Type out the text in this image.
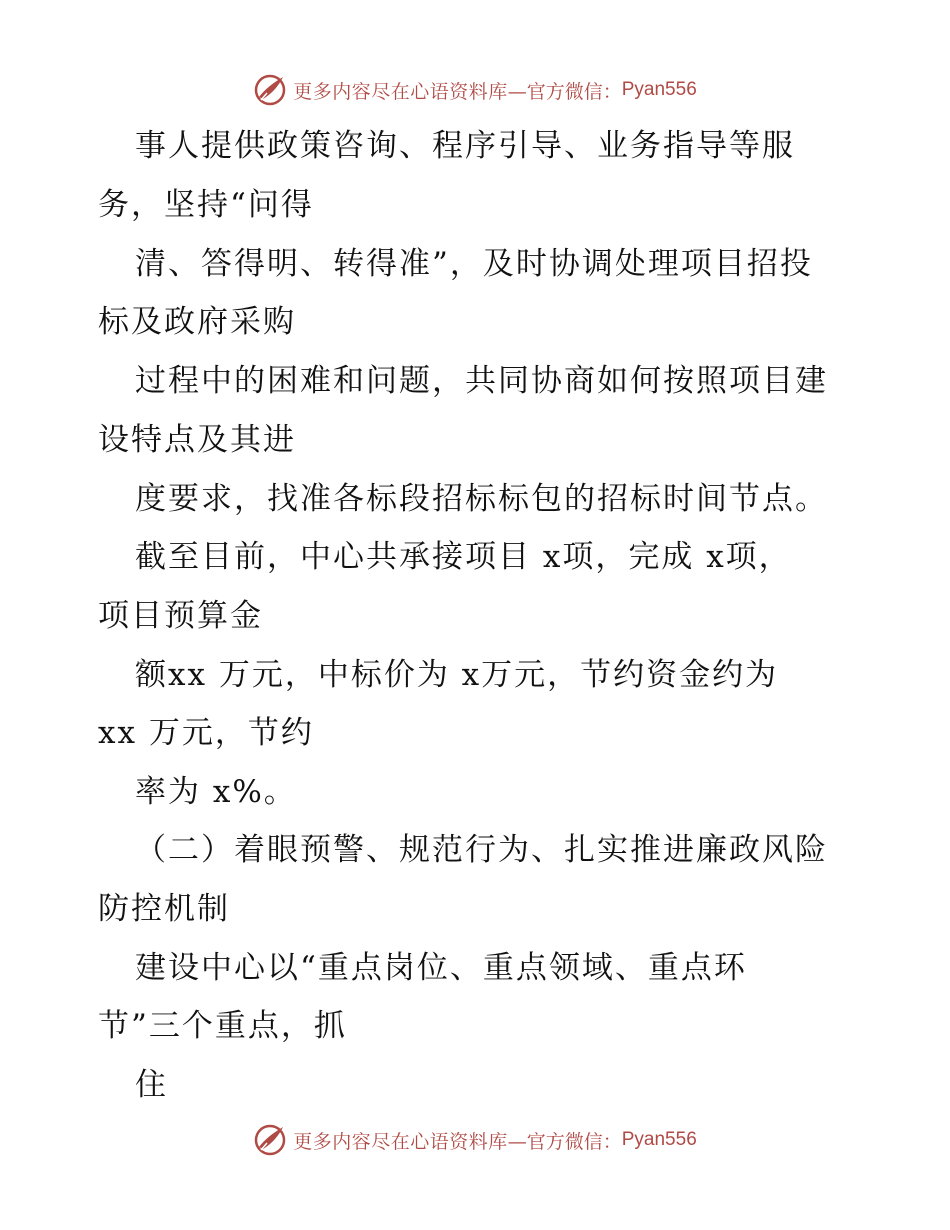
更多内容尽在心语资料库 —官方微信： Pyan556
事人提供政策咨询、程序引导、业务指导等服
务，坚持“问得
清、答得明、转得准”，及时协调处理项目招投
标及政府采购
过程中的困难和问题，共同协商如何按照项目建
设特点及其进
度要求，找准各标段招标标包的招标时间节点。
截至目前，中心共承接项目 x项，完成 x项，
项目预算金
额xx 万元，中标价为 x万元，节约资金约为
xx 万元，节约
率为 x%。
（二）着眼预警、规范行为、扎实推进廉政风险
防控机制
建设中心以“重点岗位、重点领域、重点环
节”三个重点，抓
住
更多内容尽在心语资料库 —官方微信： Pyan556
